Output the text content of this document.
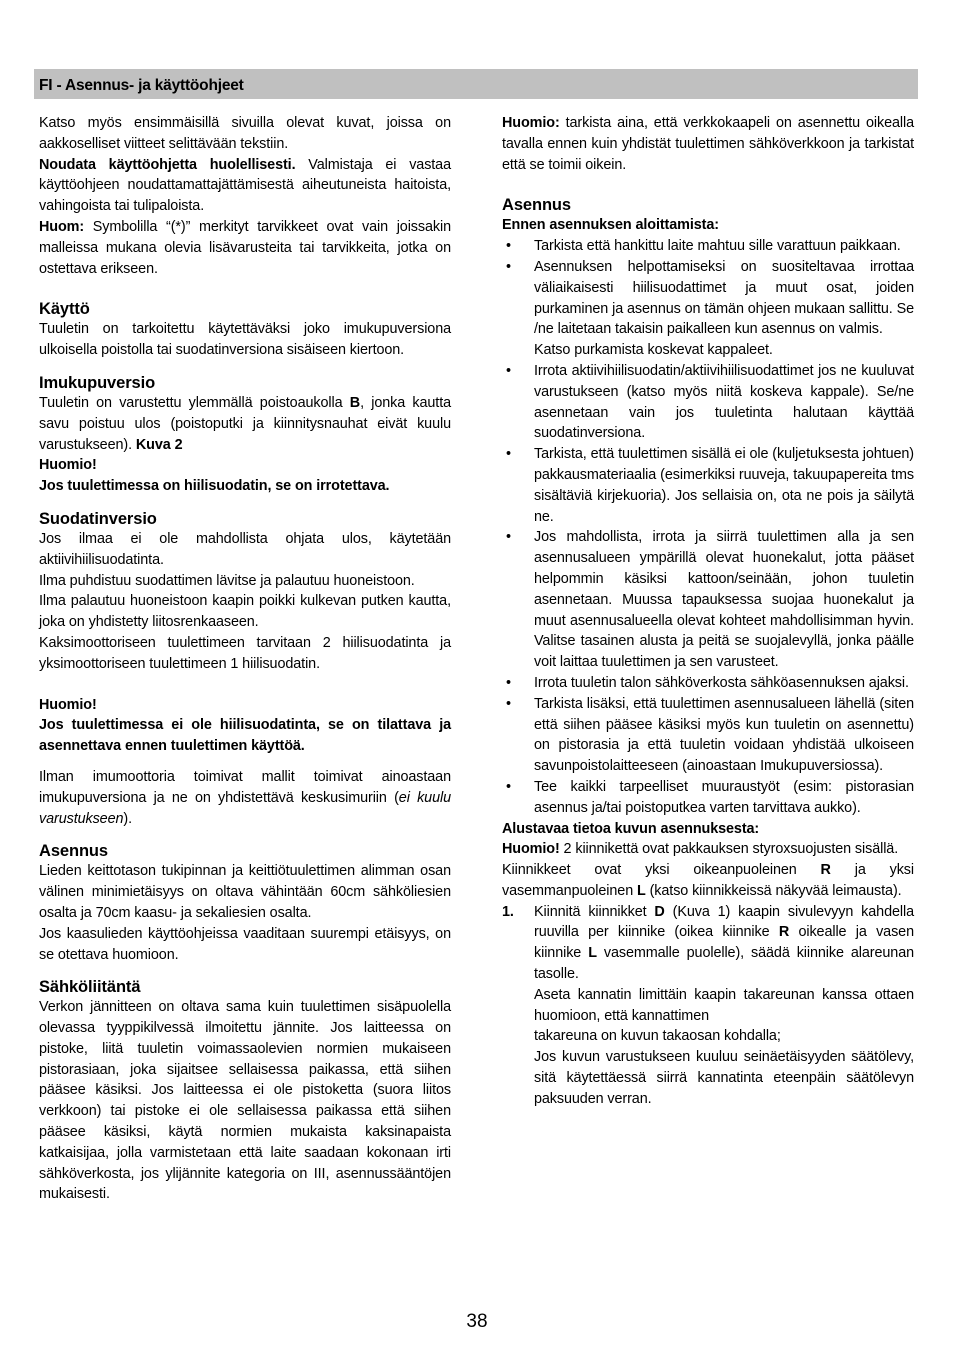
FI - Asennus- ja käyttöohjeet

Katso myös ensimmäisillä sivuilla olevat kuvat, joissa on aakkoselliset viitteet selittävään tekstiin.

Noudata käyttöohjetta huolellisesti. Valmistaja ei vastaa käyttöohjeen noudattamattajättämisestä aiheutuneista haitoista, vahingoista tai tulipaloista.

Huom: Symbolilla “(*)” merkityt tarvikkeet ovat vain joissakin malleissa mukana olevia lisävarusteita tai tarvikkeita, jotka on ostettava erikseen.

Käyttö

Tuuletin on tarkoitettu käytettäväksi joko imukupuversiona ulkoisella poistolla tai suodatinversiona sisäiseen kiertoon.

Imukupuversio

Tuuletin on varustettu ylemmällä poistoaukolla B, jonka kautta savu poistuu ulos (poistoputki ja kiinnitysnauhat eivät kuulu varustukseen). Kuva 2

Huomio!

Jos tuulettimessa on hiilisuodatin, se on irrotettava.

Suodatinversio

Jos ilmaa ei ole mahdollista ohjata ulos, käytetään aktiivihiilisuodatinta.

Ilma puhdistuu suodattimen lävitse ja palautuu huoneistoon.

Ilma palautuu huoneistoon kaapin poikki kulkevan putken kautta, joka on yhdistetty liitosrenkaaseen.

Kaksimoottoriseen tuulettimeen tarvitaan 2 hiilisuodatinta ja yksimoottoriseen tuulettimeen 1 hiilisuodatin.

Huomio!

Jos tuulettimessa ei ole hiilisuodatinta, se on tilattava ja asennettava ennen tuulettimen käyttöä.

Ilman imumoottoria toimivat mallit toimivat ainoastaan imukupuversiona ja ne on yhdistettävä keskusimuriin (ei kuulu varustukseen).

Asennus

Lieden keittotason tukipinnan ja keittiötuulettimen alimman osan välinen minimietäisyys on oltava vähintään 60cm sähköliesien osalta ja 70cm kaasu- ja sekaliesien osalta.

Jos kaasulieden käyttöohjeissa vaaditaan suurempi etäisyys, on se otettava huomioon.

Sähköliitäntä

Verkon jännitteen on oltava sama kuin tuulettimen sisäpuolella olevassa tyyppikilvessä ilmoitettu jännite. Jos laitteessa on pistoke, liitä tuuletin voimassaolevien normien mukaiseen pistorasiaan, joka sijaitsee sellaisessa paikassa, että siihen pääsee käsiksi. Jos laitteessa ei ole pistoketta (suora liitos verkkoon) tai pistoke ei ole sellaisessa paikassa että siihen pääsee käsiksi, käytä normien mukaista kaksinapaista katkaisijaa, jolla varmistetaan että laite saadaan kokonaan irti sähköverkosta, jos ylijännite kategoria on III, asennussääntöjen mukaisesti.

Huomio: tarkista aina, että verkkokaapeli on asennettu oikealla tavalla ennen kuin yhdistät tuulettimen sähköverkkoon ja tarkistat että se toimii oikein.

Asennus

Ennen asennuksen aloittamista:

• Tarkista että hankittu laite mahtuu sille varattuun paikkaan.
• Asennuksen helpottamiseksi on suositeltavaa irrottaa väliaikaisesti hiilisuodattimet ja muut osat, joiden purkaminen ja asennus on tämän ohjeen mukaan sallittu. Se /ne laitetaan takaisin paikalleen kun asennus on valmis.
Katso purkamista koskevat kappaleet.
• Irrota aktiivihiilisuodatin/aktiivihiilisuodattimet jos ne kuuluvat varustukseen (katso myös niitä koskeva kappale). Se/ne asennetaan vain jos tuuletinta halutaan käyttää suodatinversiona.
• Tarkista, että tuulettimen sisällä ei ole (kuljetuksesta johtuen) pakkausmateriaalia (esimerkiksi ruuveja, takuupapereita tms sisältäviä kirjekuoria). Jos sellaisia on, ota ne pois ja säilytä ne.
• Jos mahdollista, irrota ja siirrä tuulettimen alla ja sen asennusalueen ympärillä olevat huonekalut, jotta pääset helpommin käsiksi kattoon/seinään, johon tuuletin asennetaan. Muussa tapauksessa suojaa huonekalut ja muut asennusalueella olevat kohteet mahdollisimman hyvin. Valitse tasainen alusta ja peitä se suojalevyllä, jonka päälle voit laittaa tuulettimen ja sen varusteet.
• Irrota tuuletin talon sähköverkosta sähköasennuksen ajaksi.
• Tarkista lisäksi, että tuulettimen asennusalueen lähellä (siten että siihen pääsee käsiksi myös kun tuuletin on asennettu) on pistorasia ja että tuuletin voidaan yhdistää ulkoiseen savunpoistolaitteeseen (ainoastaan Imukupuversiossa).
• Tee kaikki tarpeelliset muuraustyöt (esim: pistorasian asennus ja/tai poistoputkea varten tarvittava aukko).

Alustavaa tietoa kuvun asennuksesta:

Huomio! 2 kiinnikettä ovat pakkauksen styroxsuojusten sisällä.

Kiinnikkeet ovat yksi oikeanpuoleinen R ja yksi vasemmanpuoleinen L (katso kiinnikkeissä näkyvää leimausta).

1. Kiinnitä kiinnikket D (Kuva 1) kaapin sivulevyyn kahdella ruuvilla per kiinnike (oikea kiinnike R oikealle ja vasen kiinnike L vasemmalle puolelle), säädä kiinnike alareunan tasolle.
Aseta kannatin limittäin kaapin takareunan kanssa ottaen huomioon, että kannattimen
takareuna on kuvun takaosan kohdalla;
Jos kuvun varustukseen kuuluu seinäetäisyyden säätölevy, sitä käytettäessä siirrä kannatinta eteenpäin säätölevyn paksuuden verran.
38
